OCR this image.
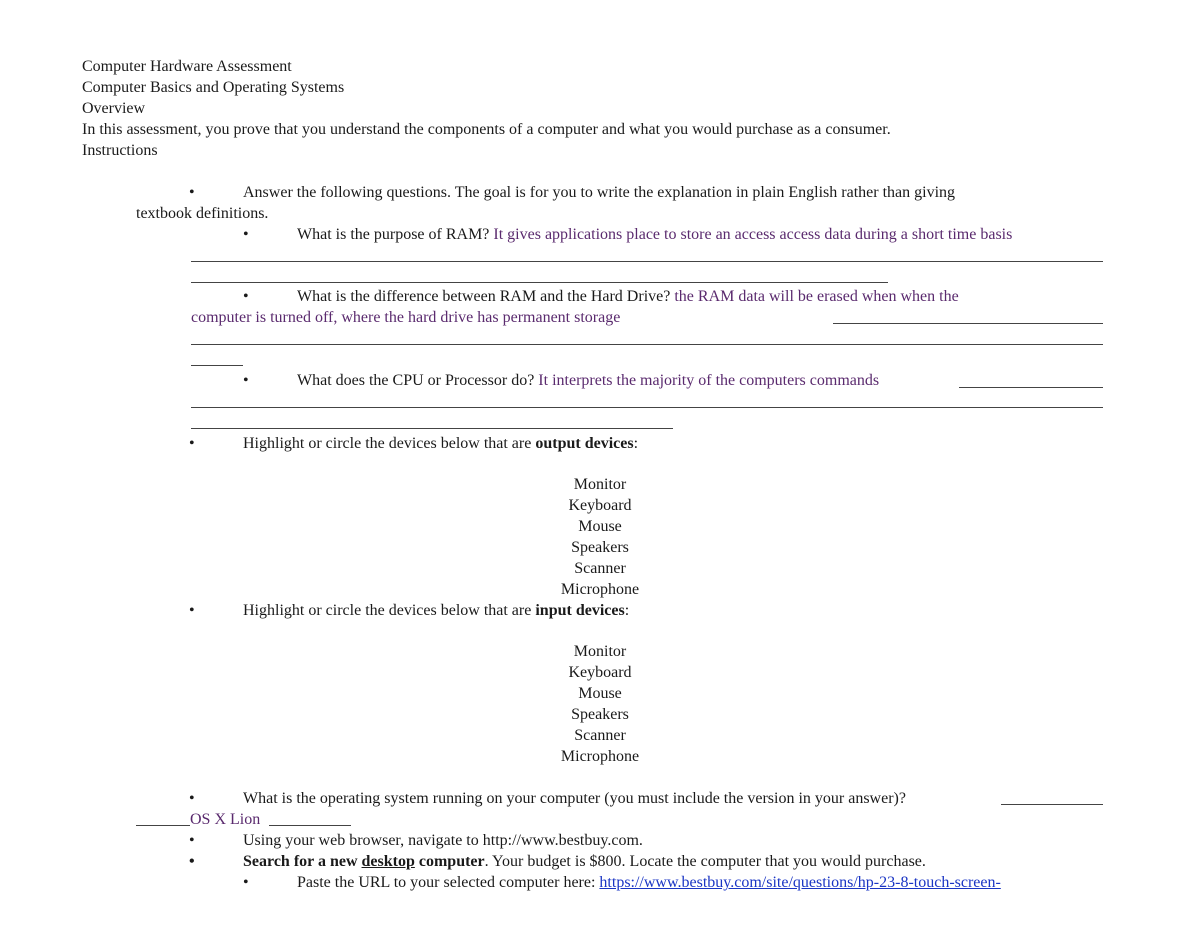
Computer Hardware Assessment
Computer Basics and Operating Systems
Overview
In this assessment, you prove that you understand the components of a computer and what you would purchase as a consumer.
Instructions
•	Answer the following questions. The goal is for you to write the explanation in plain English rather than giving
textbook definitions.
•	What is the purpose of RAM? It gives applications place to store an access access data during a short time basis
•	What is the difference between RAM and the Hard Drive? the RAM data will be erased when when the
computer is turned off, where the hard drive has permanent storage
•	What does the CPU or Processor do? It interprets the majority of the computers commands
•	Highlight or circle the devices below that are output devices:
Monitor
Keyboard
Mouse
Speakers
Scanner
Microphone
•	Highlight or circle the devices below that are input devices:
Monitor
Keyboard
Mouse
Speakers
Scanner
Microphone
•	What is the operating system running on your computer (you must include the version in your answer)?
OS X Lion
•	Using your web browser, navigate to http://www.bestbuy.com.
•	Search for a new desktop computer. Your budget is $800. Locate the computer that you would purchase.
•	Paste the URL to your selected computer here: https://www.bestbuy.com/site/questions/hp-23-8-touch-screen-
